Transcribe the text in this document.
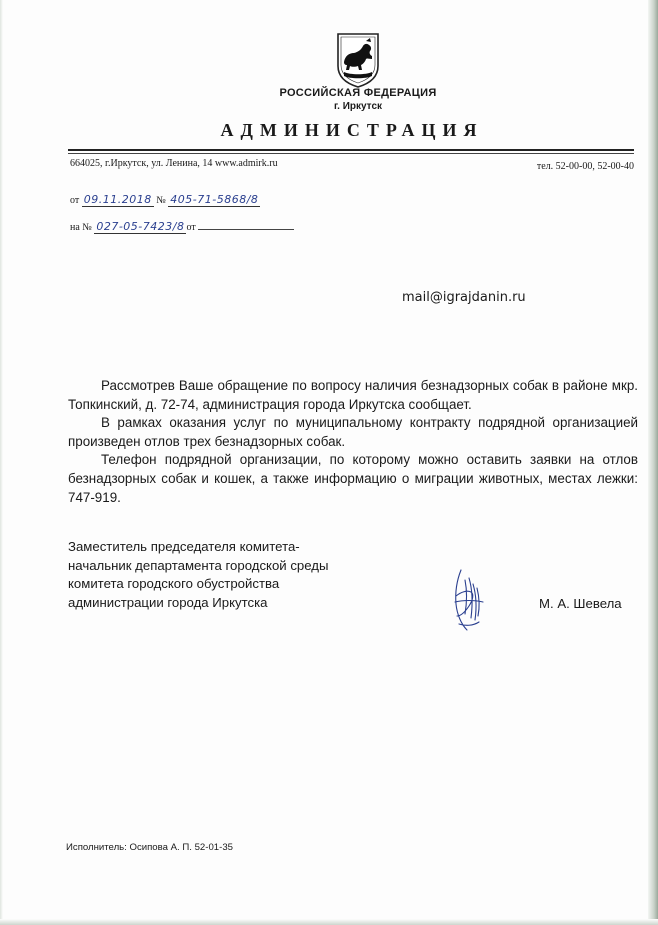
РОССИЙСКАЯ ФЕДЕРАЦИЯ
г. Иркутск
АДМИНИСТРАЦИЯ
664025, г.Иркутск, ул. Ленина, 14 www.admirk.ru	тел. 52-00-00, 52-00-40
от 09.11.2018 № 405-71-5868/8
на № 027-05-7423/8 от
mail@igrajdanin.ru

Рассмотрев Ваше обращение по вопросу наличия безнадзорных собак в районе мкр. Топкинский, д. 72-74, администрация города Иркутска сообщает.

В рамках оказания услуг по муниципальному контракту подрядной организацией произведен отлов трех безнадзорных собак.

Телефон подрядной организации, по которому можно оставить заявки на отлов безнадзорных собак и кошек, а также информацию о миграции животных, местах лежки: 747-919.

Заместитель председателя комитета-
начальник департамента городской среды
комитета городского обустройства
администрации города Иркутска	М. А. Шевела
Исполнитель: Осипова А. П. 52-01-35
